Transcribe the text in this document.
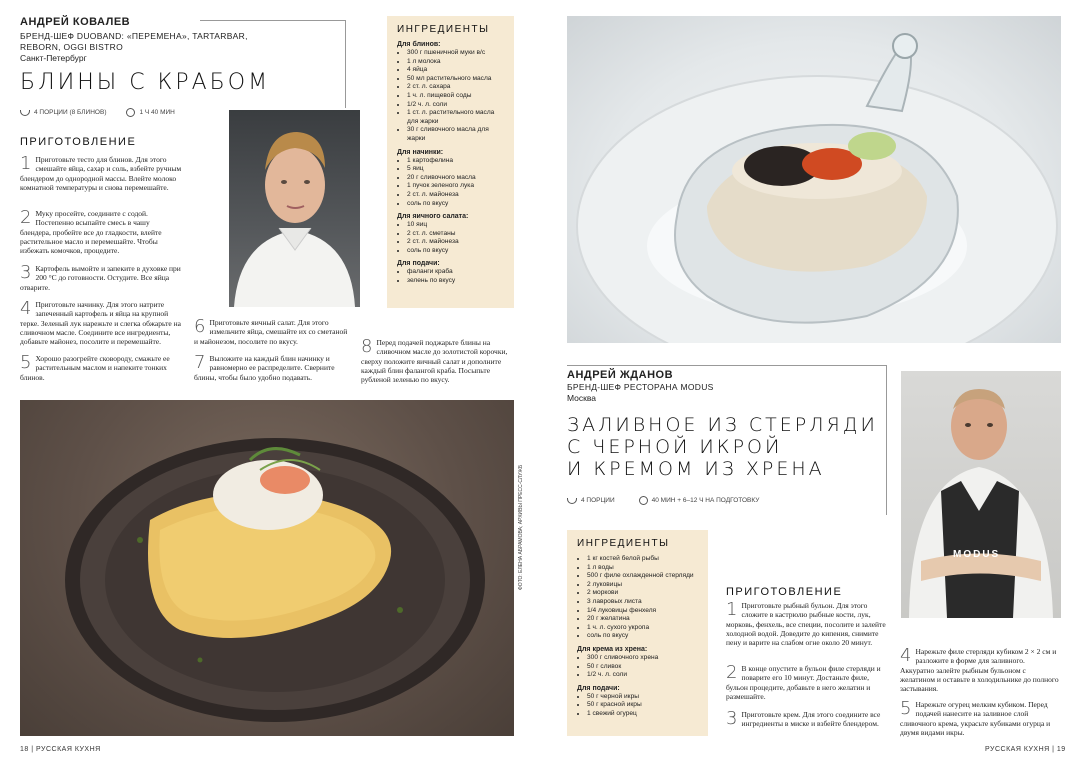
АНДРЕЙ КОВАЛЕВ
БРЕНД-ШЕФ DUOBAND: «ПЕРЕМЕНА», TARTARBAR,
REBORN, OGGI BISTRO
Санкт-Петербург
БЛИНЫ С КРАБОМ
4 ПОРЦИИ (8 БЛИНОВ)	1 Ч 40 МИН
ПРИГОТОВЛЕНИЕ
1 Приготовьте тесто для блинов. Для этого смешайте яйца, сахар и соль, взбейте ручным блендером до однородной массы. Влейте молоко комнатной температуры и снова перемешайте.
2 Муку просейте, соедините с содой. Постепенно всыпайте смесь в чашу блендера, пробейте все до гладкости, влейте растительное масло и перемешайте. Чтобы избежать комочков, процедите.
3 Картофель вымойте и запеките в духовке при 200 °С до готовности. Остудите. Все яйца отварите.
4 Приготовьте начинку. Для этого натрите запеченный картофель и яйца на крупной терке. Зеленый лук нарежьте и слегка обжарьте на сливочном масле. Соедините все ингредиенты, добавьте майонез, посолите и перемешайте.
5 Хорошо разогрейте сковороду, смажьте ее растительным маслом и напеките тонких блинов.
6 Приготовьте яичный салат. Для этого измельчите яйца, смешайте их со сметаной и майонезом, посолите по вкусу.
7 Выложите на каждый блин начинку и равномерно ее распределите. Сверните блины, чтобы было удобно подавать.
8 Перед подачей поджарьте блины на сливочном масле до золотистой корочки, сверху положите яичный салат и дополните каждый блин фалангой краба. Посыпьте рубленой зеленью по вкусу.
ИНГРЕДИЕНТЫ
Для блинов:
• 300 г пшеничной муки в/с
• 1 л молока
• 4 яйца
• 50 мл растительного масла
• 2 ст. л. сахара
• 1 ч. л. пищевой соды
• 1/2 ч. л. соли
• 1 ст. л. растительного масла для жарки
• 30 г сливочного масла для жарки
Для начинки:
• 1 картофелина
• 5 яиц
• 20 г сливочного масла
• 1 пучок зеленого лука
• 2 ст. л. майонеза
• соль по вкусу
Для яичного салата:
• 10 яиц
• 2 ст. л. сметаны
• 2 ст. л. майонеза
• соль по вкусу
Для подачи:
• фаланги краба
• зелень по вкусу
ФОТО: ЕЛЕНА АБРАМОВА; АРХИВЫ ПРЕСС-СЛУЖБ
18 | РУССКАЯ КУХНЯ
АНДРЕЙ ЖДАНОВ
БРЕНД-ШЕФ РЕСТОРАНА MODUS
Москва
ЗАЛИВНОЕ ИЗ СТЕРЛЯДИ
С ЧЕРНОЙ ИКРОЙ
И КРЕМОМ ИЗ ХРЕНА
4 ПОРЦИИ	40 МИН + 6–12 Ч НА ПОДГОТОВКУ
MODUS
ИНГРЕДИЕНТЫ
• 1 кг костей белой рыбы
• 1 л воды
• 500 г филе охлажденной стерляди
• 2 луковицы
• 2 моркови
• 3 лавровых листа
• 1/4 луковицы фенхеля
• 20 г желатина
• 1 ч. л. сухого укропа
• соль по вкусу
Для крема из хрена:
• 300 г сливочного хрена
• 50 г сливок
• 1/2 ч. л. соли
Для подачи:
• 50 г черной икры
• 50 г красной икры
• 1 свежий огурец
ПРИГОТОВЛЕНИЕ
1 Приготовьте рыбный бульон. Для этого сложите в кастрюлю рыбные кости, лук, морковь, фенхель, все специи, посолите и залейте холодной водой. Доведите до кипения, снимите пену и варите на слабом огне около 20 минут.
2 В конце опустите в бульон филе стерляди и поварите его 10 минут. Достаньте филе, бульон процедите, добавьте в него желатин и размешайте.
3 Приготовьте крем. Для этого соедините все ингредиенты в миске и взбейте блендером.
4 Нарежьте филе стерляди кубиком 2 × 2 см и разложите в форме для заливного. Аккуратно залейте рыбным бульоном с желатином и оставьте в холодильнике до полного застывания.
5 Нарежьте огурец мелким кубиком. Перед подачей нанесите на заливное слой сливочного крема, украсьте кубиками огурца и двумя видами икры.
РУССКАЯ КУХНЯ | 19
